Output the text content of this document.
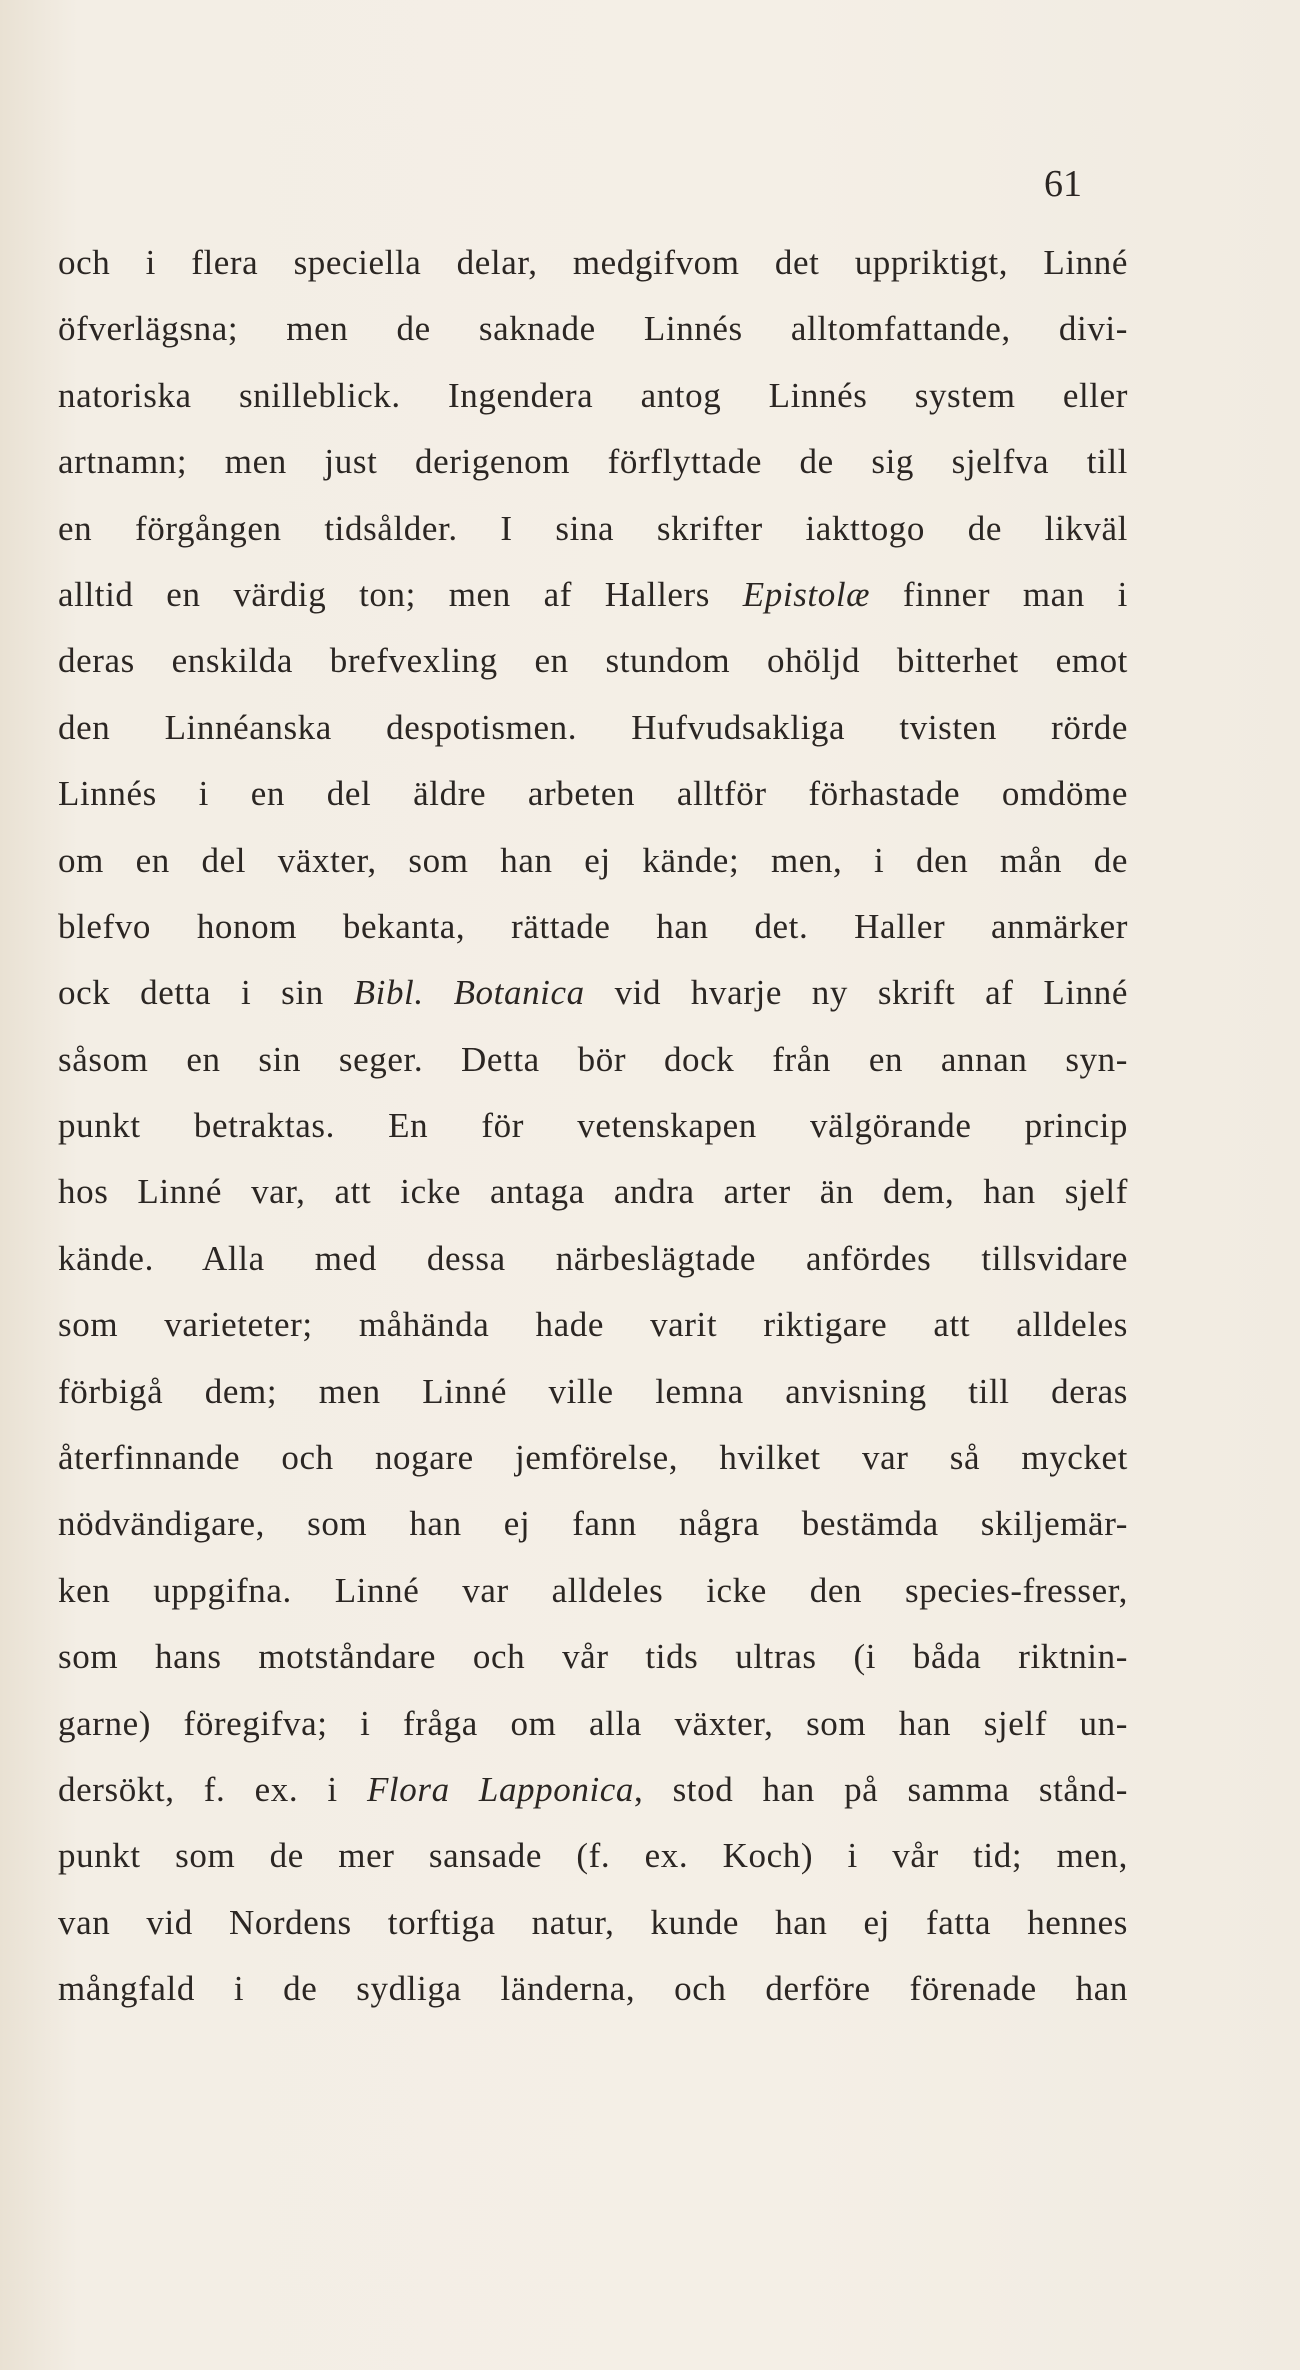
61
och i flera speciella delar, medgifvom det uppriktigt, Linné
öfverlägsna; men de saknade Linnés alltomfattande, divi-
natoriska snilleblick. Ingendera antog Linnés system eller
artnamn; men just derigenom förflyttade de sig sjelfva till
en förgången tidsålder. I sina skrifter iakttogo de likväl
alltid en värdig ton; men af Hallers Epistolæ finner man i
deras enskilda brefvexling en stundom ohöljd bitterhet emot
den Linnéanska despotismen. Hufvudsakliga tvisten rörde
Linnés i en del äldre arbeten alltför förhastade omdöme
om en del växter, som han ej kände; men, i den mån de
blefvo honom bekanta, rättade han det. Haller anmärker
ock detta i sin Bibl. Botanica vid hvarje ny skrift af Linné
såsom en sin seger. Detta bör dock från en annan syn-
punkt betraktas. En för vetenskapen välgörande princip
hos Linné var, att icke antaga andra arter än dem, han sjelf
kände. Alla med dessa närbeslägtade anfördes tillsvidare
som varieteter; måhända hade varit riktigare att alldeles
förbigå dem; men Linné ville lemna anvisning till deras
återfinnande och nogare jemförelse, hvilket var så mycket
nödvändigare, som han ej fann några bestämda skiljemär-
ken uppgifna. Linné var alldeles icke den species-fresser,
som hans motståndare och vår tids ultras (i båda riktnin-
garne) föregifva; i fråga om alla växter, som han sjelf un-
dersökt, f. ex. i Flora Lapponica, stod han på samma stånd-
punkt som de mer sansade (f. ex. Koch) i vår tid; men,
van vid Nordens torftiga natur, kunde han ej fatta hennes
mångfald i de sydliga länderna, och derföre förenade han
